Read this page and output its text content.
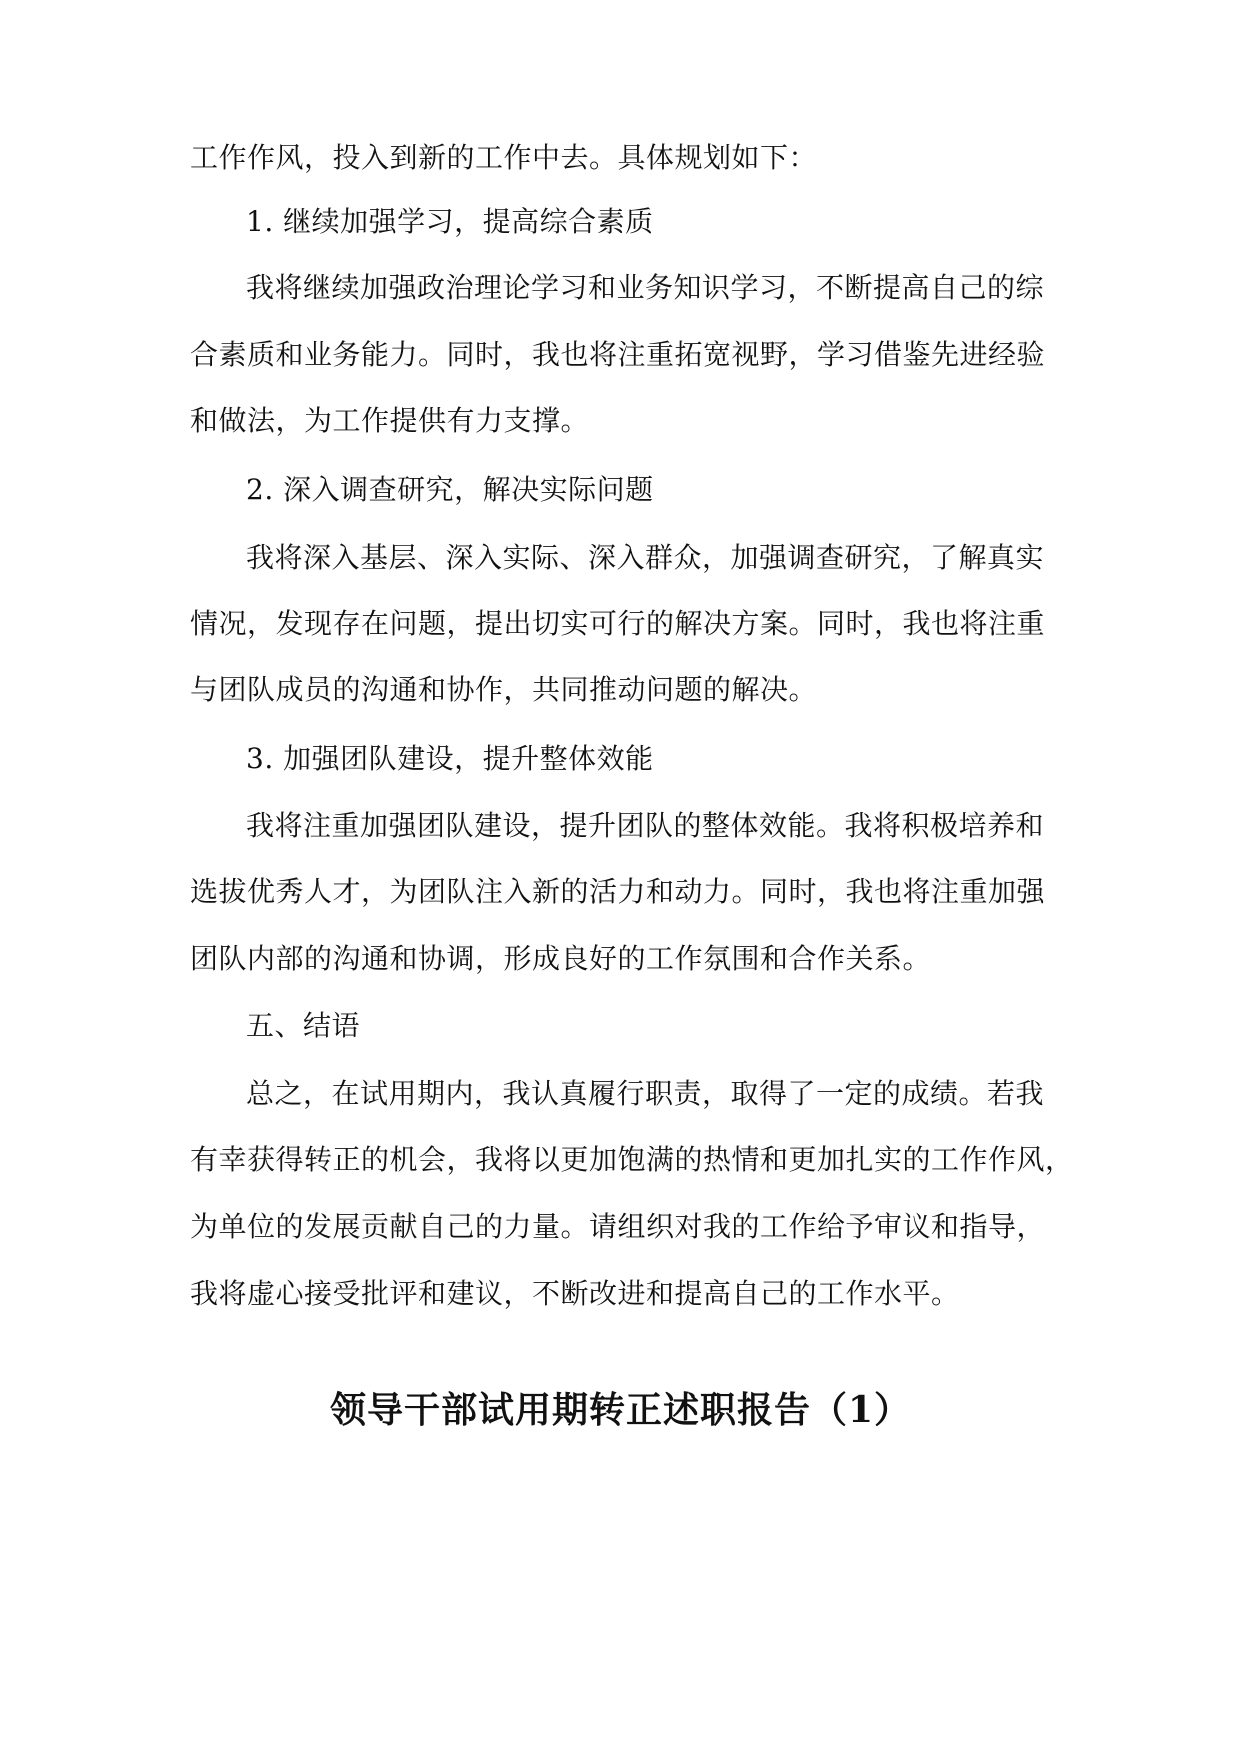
工作作风，投入到新的工作中去。具体规划如下：
1. 继续加强学习，提高综合素质
我将继续加强政治理论学习和业务知识学习，不断提高自己的综
合素质和业务能力。同时，我也将注重拓宽视野，学习借鉴先进经验
和做法，为工作提供有力支撑。
2. 深入调查研究，解决实际问题
我将深入基层、深入实际、深入群众，加强调查研究，了解真实
情况，发现存在问题，提出切实可行的解决方案。同时，我也将注重
与团队成员的沟通和协作，共同推动问题的解决。
3. 加强团队建设，提升整体效能
我将注重加强团队建设，提升团队的整体效能。我将积极培养和
选拔优秀人才，为团队注入新的活力和动力。同时，我也将注重加强
团队内部的沟通和协调，形成良好的工作氛围和合作关系。
五、结语
总之，在试用期内，我认真履行职责，取得了一定的成绩。若我
有幸获得转正的机会，我将以更加饱满的热情和更加扎实的工作作风，
为单位的发展贡献自己的力量。请组织对我的工作给予审议和指导，
我将虚心接受批评和建议，不断改进和提高自己的工作水平。
领导干部试用期转正述职报告（1）
